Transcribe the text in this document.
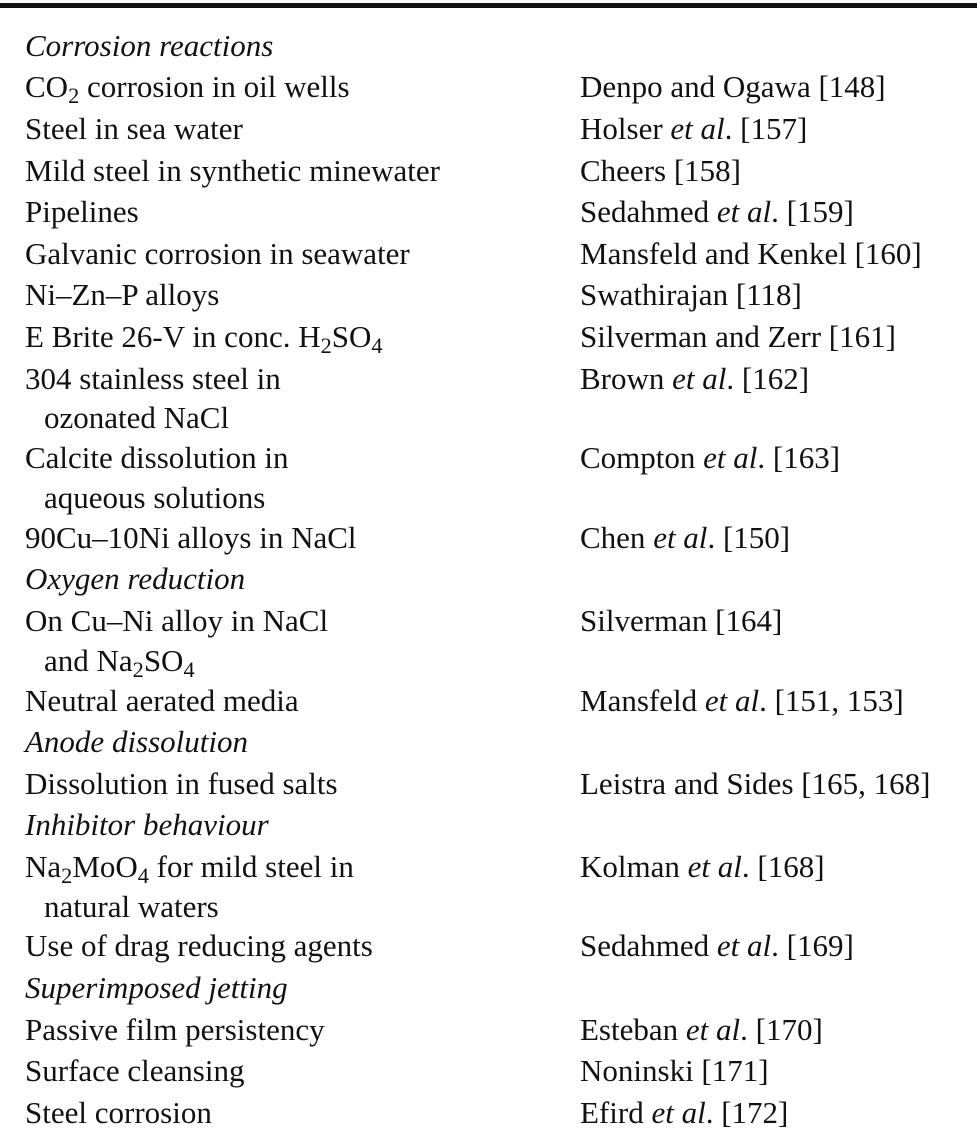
Corrosion reactions
$CO_2$ corrosion in oil wells	Denpo and Ogawa [148]
Steel in sea water	Holser et al. [157]
Mild steel in synthetic minewater	Cheers [158]
Pipelines	Sedahmed et al. [159]
Galvanic corrosion in seawater	Mansfeld and Kenkel [160]
Ni–Zn–P alloys	Swathirajan [118]
E Brite 26-V in conc. $H_2SO_4$	Silverman and Zerr [161]
304 stainless steel in	Brown et al. [162]
ozonated NaCl
Calcite dissolution in	Compton et al. [163]
aqueous solutions
90Cu–10Ni alloys in NaCl	Chen et al. [150]
Oxygen reduction
On Cu–Ni alloy in NaCl	Silverman [164]
and $Na_2SO_4$
Neutral aerated media	Mansfeld et al. [151, 153]
Anode dissolution
Dissolution in fused salts	Leistra and Sides [165, 168]
Inhibitor behaviour
$Na_2MoO_4$ for mild steel in	Kolman et al. [168]
natural waters
Use of drag reducing agents	Sedahmed et al. [169]
Superimposed jetting
Passive film persistency	Esteban et al. [170]
Surface cleansing	Noninski [171]
Steel corrosion	Efird et al. [172]
